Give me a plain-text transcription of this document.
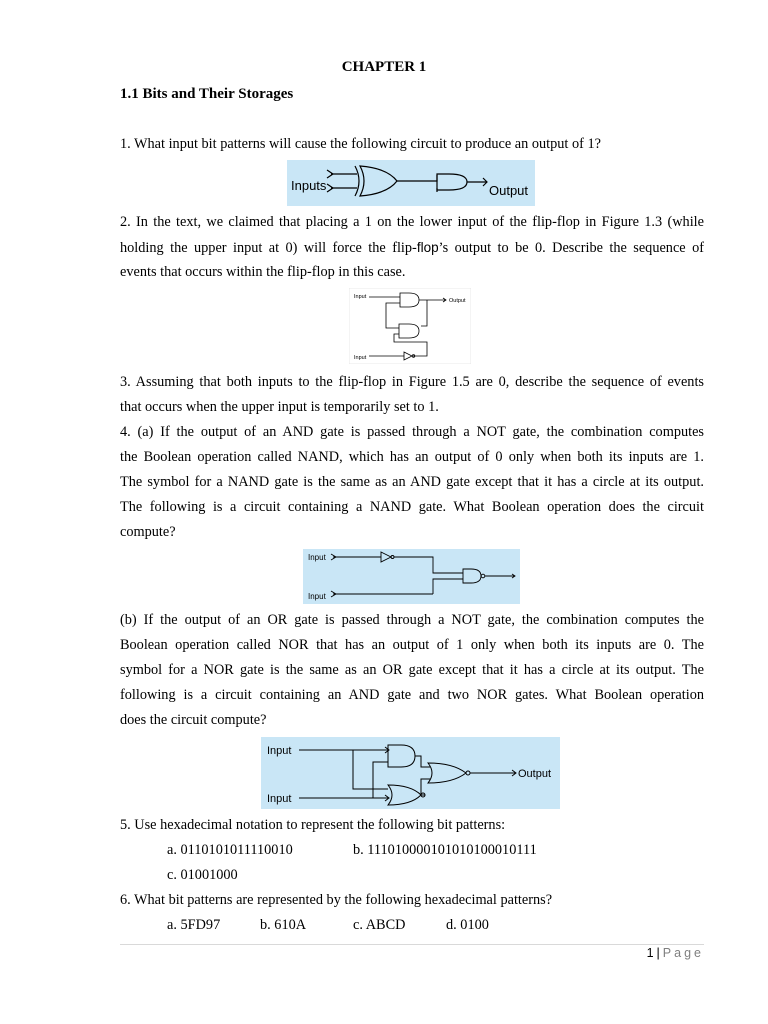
CHAPTER 1
1.1 Bits and Their Storages
1. What input bit patterns will cause the following circuit to produce an output of 1?
Inputs	Output
2. In the text, we claimed that placing a 1 on the lower input of the flip-flop in Figure 1.3 (while
holding the upper input at 0) will force the flip-flop’s output to be 0. Describe the sequence of
events that occurs within the flip-flop in this case.
Input
Input
Output
3. Assuming that both inputs to the flip-flop in Figure 1.5 are 0, describe the sequence of events
that occurs when the upper input is temporarily set to 1.
4. (a) If the output of an AND gate is passed through a NOT gate, the combination computes
the Boolean operation called NAND, which has an output of 0 only when both its inputs are 1.
The symbol for a NAND gate is the same as an AND gate except that it has a circle at its output.
The following is a circuit containing a NAND gate. What Boolean operation does the circuit
compute?
Input
Input
(b) If the output of an OR gate is passed through a NOT gate, the combination computes the
Boolean operation called NOR that has an output of 1 only when both its inputs are 0. The
symbol for a NOR gate is the same as an OR gate except that it has a circle at its output. The
following is a circuit containing an AND gate and two NOR gates. What Boolean operation
does the circuit compute?
Input
Input
Output
5. Use hexadecimal notation to represent the following bit patterns:
a. 0110101011110010	b. 111010000101010100010111
c. 01001000
6. What bit patterns are represented by the following hexadecimal patterns?
a. 5FD97	b. 610A	c. ABCD	d. 0100
1 | Page
